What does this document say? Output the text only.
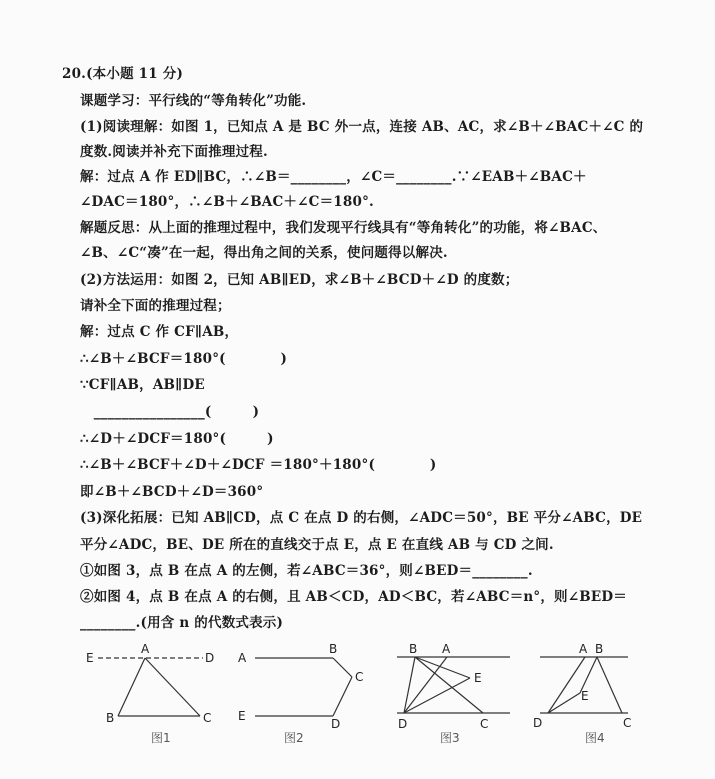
20.(本小题 11 分)
课题学习：平行线的“等角转化”功能.
(1)阅读理解：如图 1，已知点 A 是 BC 外一点，连接 AB、AC，求∠B＋∠BAC＋∠C 的
度数.阅读并补充下面推理过程.
解：过点 A 作 ED∥BC，∴∠B＝________，∠C＝________.∵∠EAB＋∠BAC＋
∠DAC＝180°，∴∠B＋∠BAC＋∠C＝180°.
解题反思：从上面的推理过程中，我们发现平行线具有“等角转化”的功能，将∠BAC、
∠B、∠C“凑”在一起，得出角之间的关系，使问题得以解决.
(2)方法运用：如图 2，已知 AB∥ED，求∠B＋∠BCD＋∠D 的度数；
请补全下面的推理过程；
解：过点 C 作 CF∥AB，
∴∠B＋∠BCF＝180°(　　　　)
∵CF∥AB，AB∥DE
　________________(　　　)
∴∠D＋∠DCF＝180°(　　　)
∴∠B＋∠BCF＋∠D＋∠DCF ＝180°＋180°(　　　　)
即∠B＋∠BCD＋∠D＝360°
(3)深化拓展：已知 AB∥CD，点 C 在点 D 的右侧，∠ADC＝50°，BE 平分∠ABC，DE
平分∠ADC，BE、DE 所在的直线交于点 E，点 E 在直线 AB 与 CD 之间.
①如图 3，点 B 在点 A 的左侧，若∠ABC＝36°，则∠BED＝________.
②如图 4，点 B 在点 A 的右侧，且 AB＜CD，AD＜BC，若∠ABC＝n°，则∠BED＝
________.(用含 n 的代数式表示)
E
A
D
B	C
A
B
C
E
D
B A
E
D	C
A B
E
D	C
图1	图2	图3	图4
